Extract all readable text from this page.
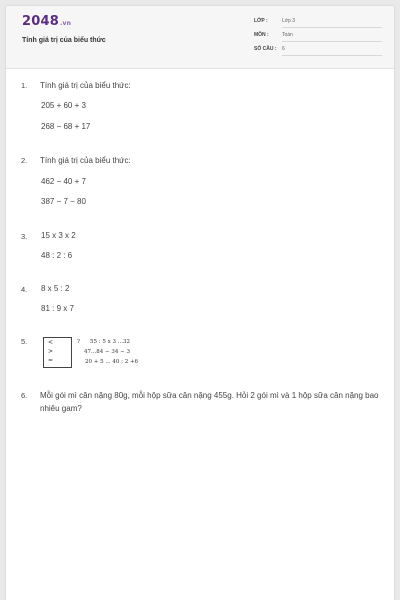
2048.vn
Tính giá trị của biểu thức
LỚP :	Lớp 3
MÔN :	Toán
SỐ CÂU : 6
1. Tính giá trị của biểu thức:
205 + 60 + 3
268 − 68 + 17
2. Tính giá trị của biểu thức:
462 − 40 + 7
387 − 7 − 80
3. 15 x 3 x 2
48 : 2 : 6
4. 8 x 5 : 2
81 : 9 x 7
5.	<
>
=
? 55 : 5 x 3 ...32
47...84 − 34 − 3
20 + 5 ... 40 : 2 +6
6. Mỗi gói mì cân nặng 80g, mỗi hộp sữa cân nặng 455g. Hỏi 2 gói mì và 1 hộp sữa cân nặng bao nhiêu gam?
